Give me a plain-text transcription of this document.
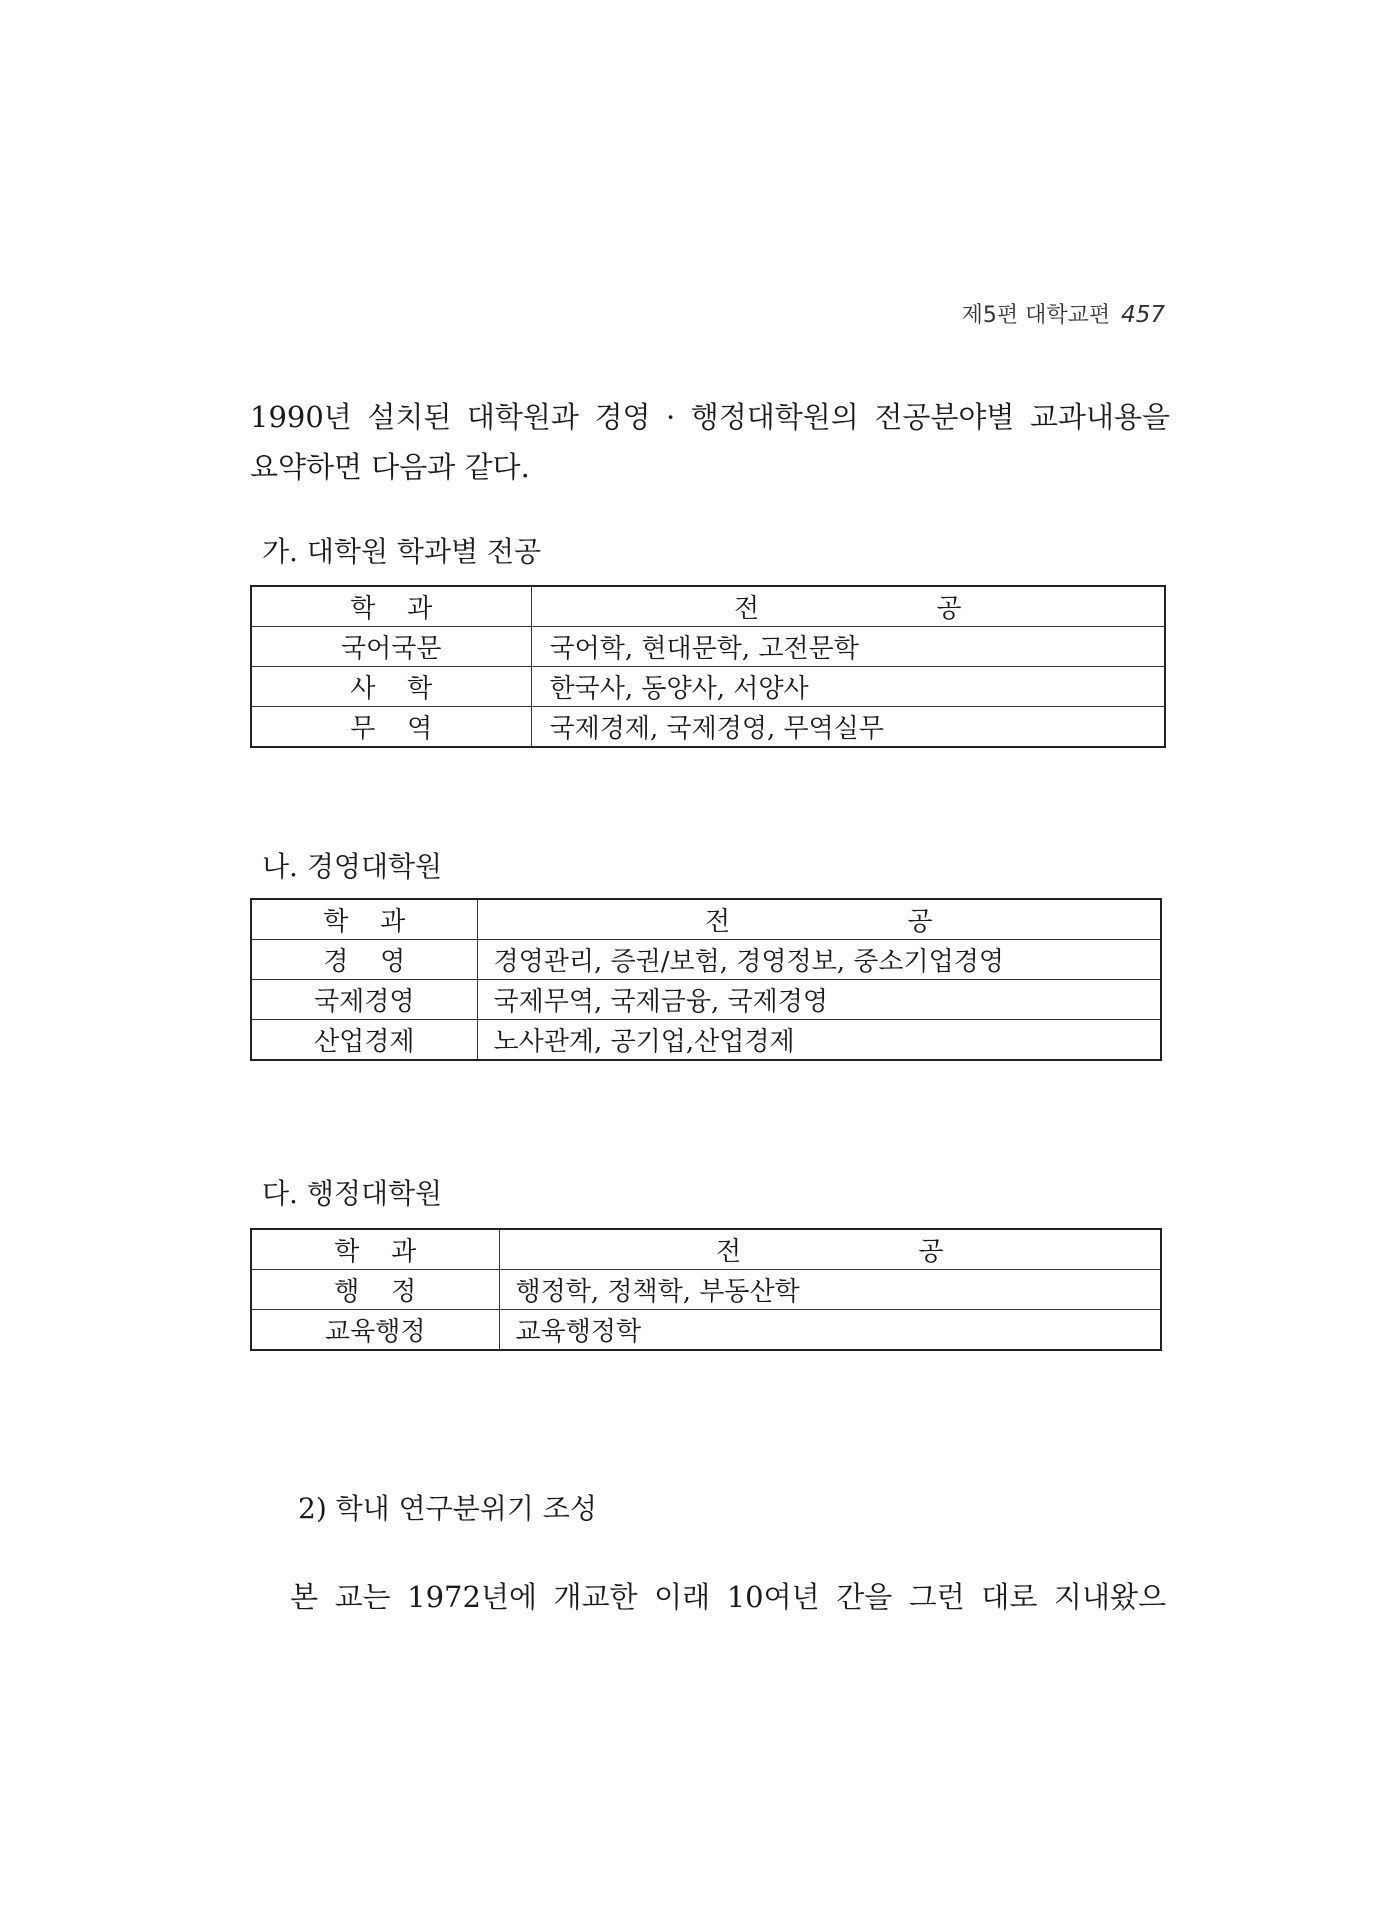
제5편 대학교편 457

1990년 설치된 대학원과 경영 · 행정대학원의 전공분야별 교과내용을
요약하면 다음과 같다.

가. 대학원 학과별 전공

학 과	전 공
국어국문	국어학, 현대문학, 고전문학
사 학	한국사, 동양사, 서양사
무 역	국제경제, 국제경영, 무역실무

나. 경영대학원

학 과	전 공
경 영	경영관리, 증권/보험, 경영정보, 중소기업경영
국제경영	국제무역, 국제금융, 국제경영
산업경제	노사관계, 공기업,산업경제

다. 행정대학원

학 과	전 공
행 정	행정학, 정책학, 부동산학
교육행정	교육행정학

2) 학내 연구분위기 조성

본 교는 1972년에 개교한 이래 10여년 간을 그런 대로 지내왔으
